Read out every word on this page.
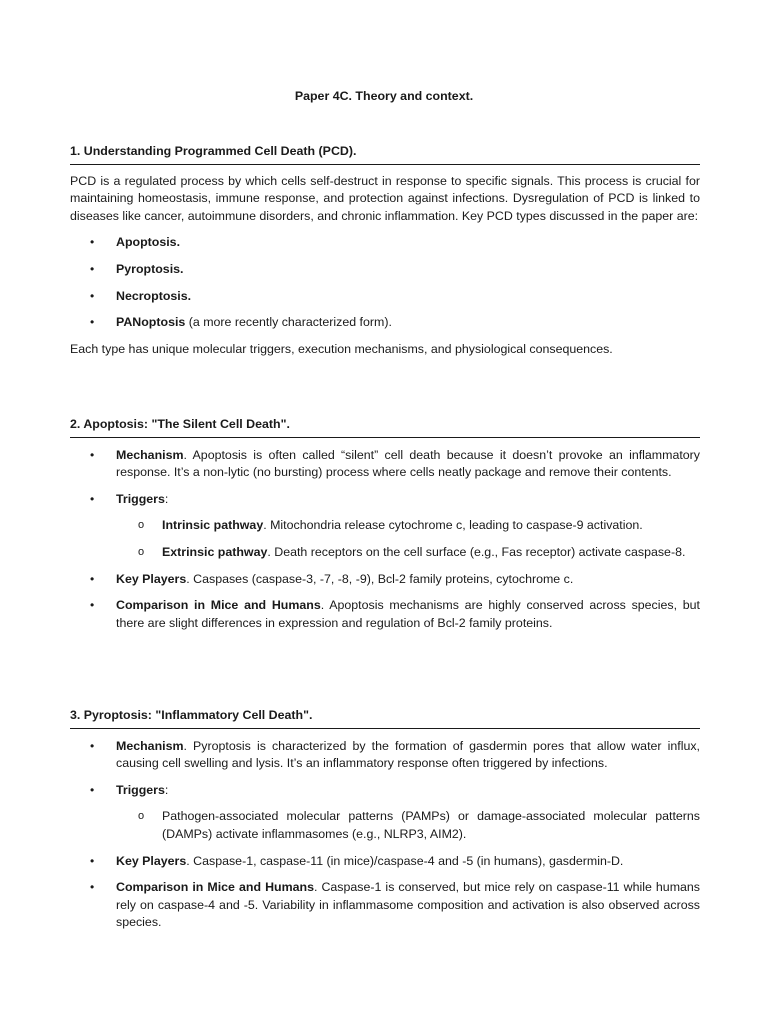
Paper 4C. Theory and context.
1. Understanding Programmed Cell Death (PCD).
PCD is a regulated process by which cells self-destruct in response to specific signals. This process is crucial for maintaining homeostasis, immune response, and protection against infections. Dysregulation of PCD is linked to diseases like cancer, autoimmune disorders, and chronic inflammation. Key PCD types discussed in the paper are:
• Apoptosis.
• Pyroptosis.
• Necroptosis.
• PANoptosis (a more recently characterized form).
Each type has unique molecular triggers, execution mechanisms, and physiological consequences.
2. Apoptosis: "The Silent Cell Death".
• Mechanism. Apoptosis is often called “silent” cell death because it doesn’t provoke an inflammatory response. It’s a non-lytic (no bursting) process where cells neatly package and remove their contents.
• Triggers:
o Intrinsic pathway. Mitochondria release cytochrome c, leading to caspase-9 activation.
o Extrinsic pathway. Death receptors on the cell surface (e.g., Fas receptor) activate caspase-8.
• Key Players. Caspases (caspase-3, -7, -8, -9), Bcl-2 family proteins, cytochrome c.
• Comparison in Mice and Humans. Apoptosis mechanisms are highly conserved across species, but there are slight differences in expression and regulation of Bcl-2 family proteins.
3. Pyroptosis: "Inflammatory Cell Death".
• Mechanism. Pyroptosis is characterized by the formation of gasdermin pores that allow water influx, causing cell swelling and lysis. It’s an inflammatory response often triggered by infections.
• Triggers:
o Pathogen-associated molecular patterns (PAMPs) or damage-associated molecular patterns (DAMPs) activate inflammasomes (e.g., NLRP3, AIM2).
• Key Players. Caspase-1, caspase-11 (in mice)/caspase-4 and -5 (in humans), gasdermin-D.
• Comparison in Mice and Humans. Caspase-1 is conserved, but mice rely on caspase-11 while humans rely on caspase-4 and -5. Variability in inflammasome composition and activation is also observed across species.
